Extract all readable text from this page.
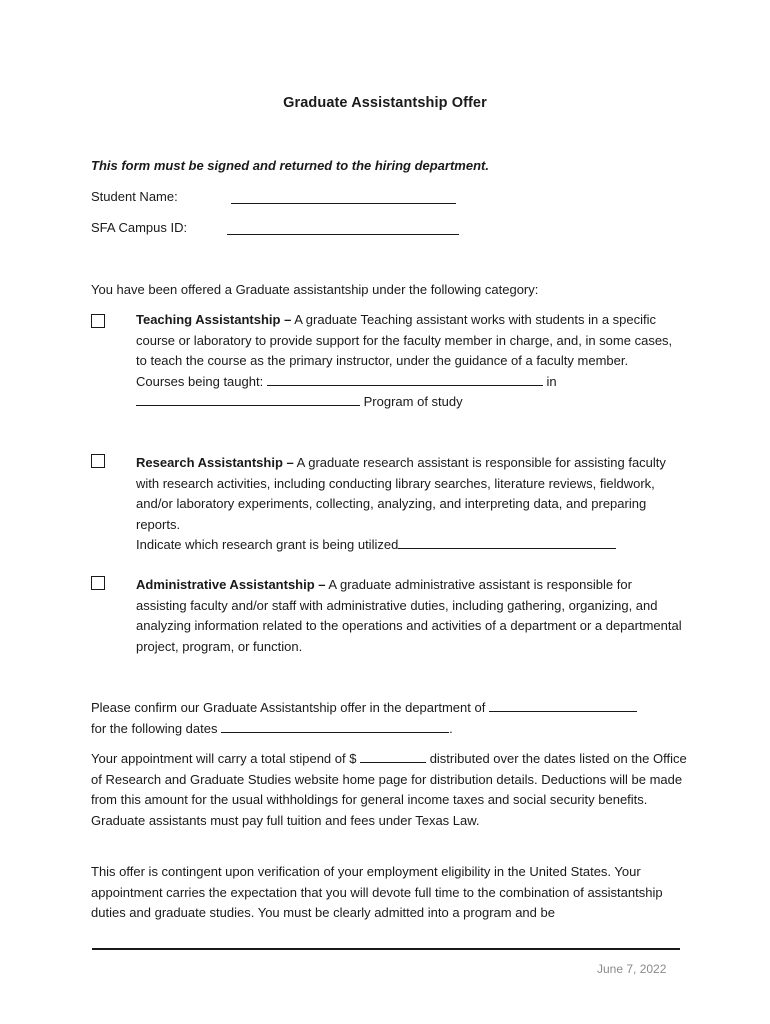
Graduate Assistantship Offer
This form must be signed and returned to the hiring department.
Student Name:
SFA Campus ID:
You have been offered a Graduate assistantship under the following category:
Teaching Assistantship – A graduate Teaching assistant works with students in a specific course or laboratory to provide support for the faculty member in charge, and, in some cases, to teach the course as the primary instructor, under the guidance of a faculty member.
Courses being taught:	in
Program of study
Research Assistantship – A graduate research assistant is responsible for assisting faculty with research activities, including conducting library searches, literature reviews, fieldwork, and/or laboratory experiments, collecting, analyzing, and interpreting data, and preparing reports.
Indicate which research grant is being utilized
Administrative Assistantship – A graduate administrative assistant is responsible for assisting faculty and/or staff with administrative duties, including gathering, organizing, and analyzing information related to the operations and activities of a department or a departmental project, program, or function.
Please confirm our Graduate Assistantship offer in the department of
for the following dates	.
Your appointment will carry a total stipend of $	distributed over the dates listed on the Office of Research and Graduate Studies website home page for distribution details. Deductions will be made from this amount for the usual withholdings for general income taxes and social security benefits. Graduate assistants must pay full tuition and fees under Texas Law.
This offer is contingent upon verification of your employment eligibility in the United States. Your appointment carries the expectation that you will devote full time to the combination of assistantship duties and graduate studies. You must be clearly admitted into a program and be
June 7, 2022
